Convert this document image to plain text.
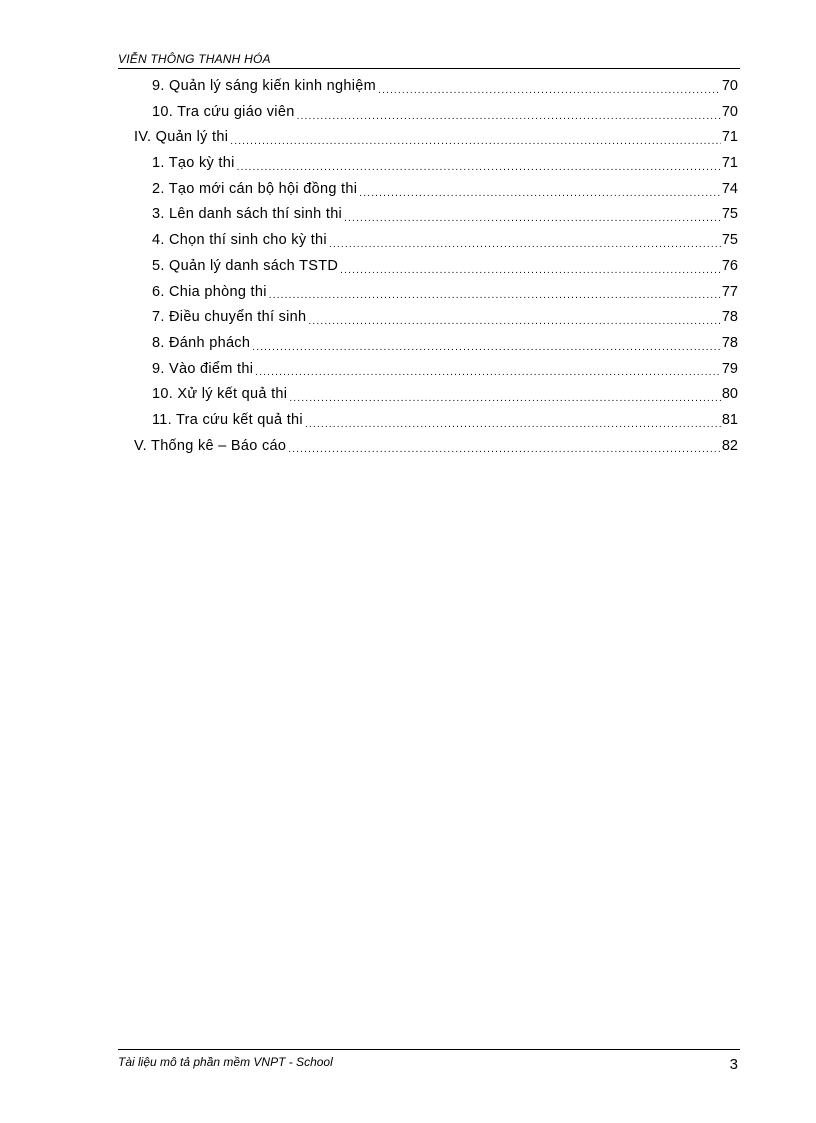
VIỄN THÔNG THANH HÓA
9. Quản lý sáng kiến kinh nghiệm .....	70
10. Tra cứu giáo viên .....	70
IV. Quản lý thi .....	71
1. Tạo kỳ thi .....	71
2. Tạo mới cán bộ hội đồng thi .....	74
3. Lên danh sách thí sinh thi .....	75
4. Chọn thí sinh cho kỳ thi .....	75
5. Quản lý danh sách TSTD .....	76
6. Chia phòng thi .....	77
7. Điều chuyển thí sinh .....	78
8. Đánh phách .....	78
9. Vào điểm thi .....	79
10. Xử lý kết quả thi .....	80
11. Tra cứu kết quả thi .....	81
V. Thống kê – Báo cáo .....	82
Tài liệu mô tả phần mềm VNPT - School	3
